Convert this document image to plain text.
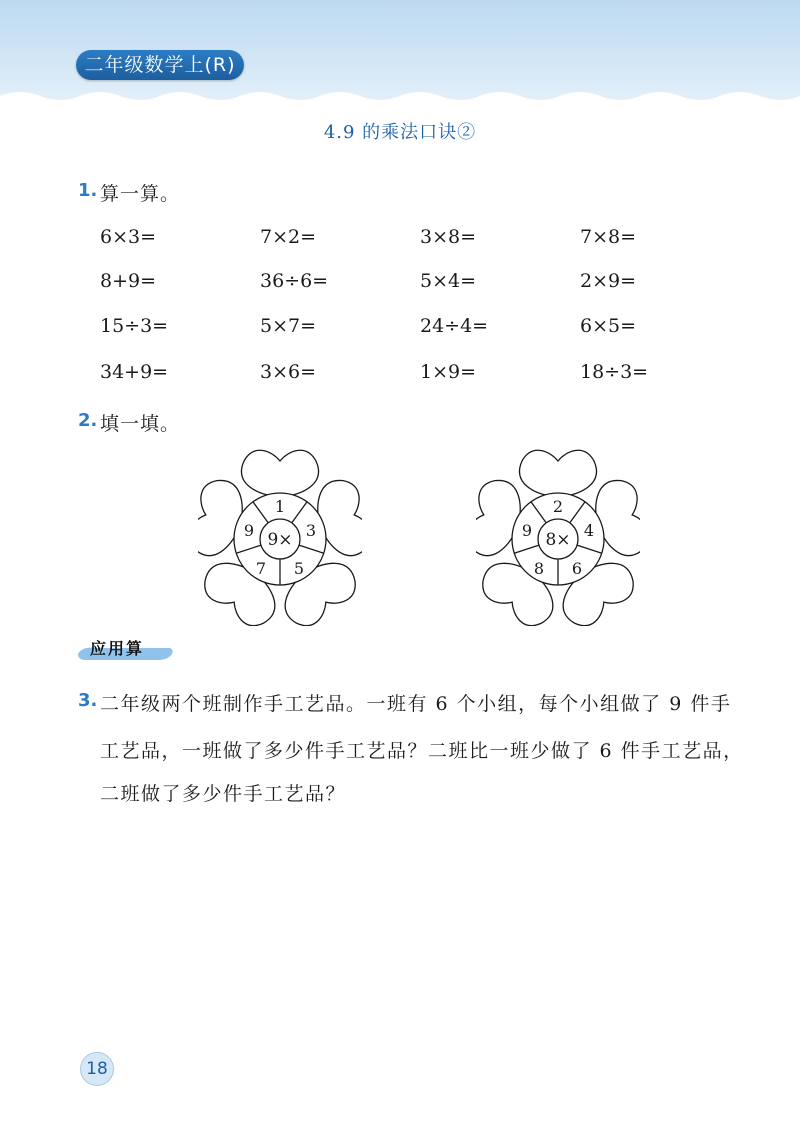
二年级数学上(R)
4.9 的乘法口诀②
1. 算一算。
6×3=	7×2=	3×8=	7×8=
8+9=	36÷6=	5×4=	2×9=
15÷3=	5×7=	24÷4=	6×5=
34+9=	3×6=	1×9=	18÷3=
2. 填一填。
9×
1
3
5
7
9	8×
2
4
6
8
9
应用算
3. 二年级两个班制作手工艺品。一班有 6 个小组，每个小组做了 9 件手
工艺品，一班做了多少件手工艺品？二班比一班少做了 6 件手工艺品，
二班做了多少件手工艺品？
18
